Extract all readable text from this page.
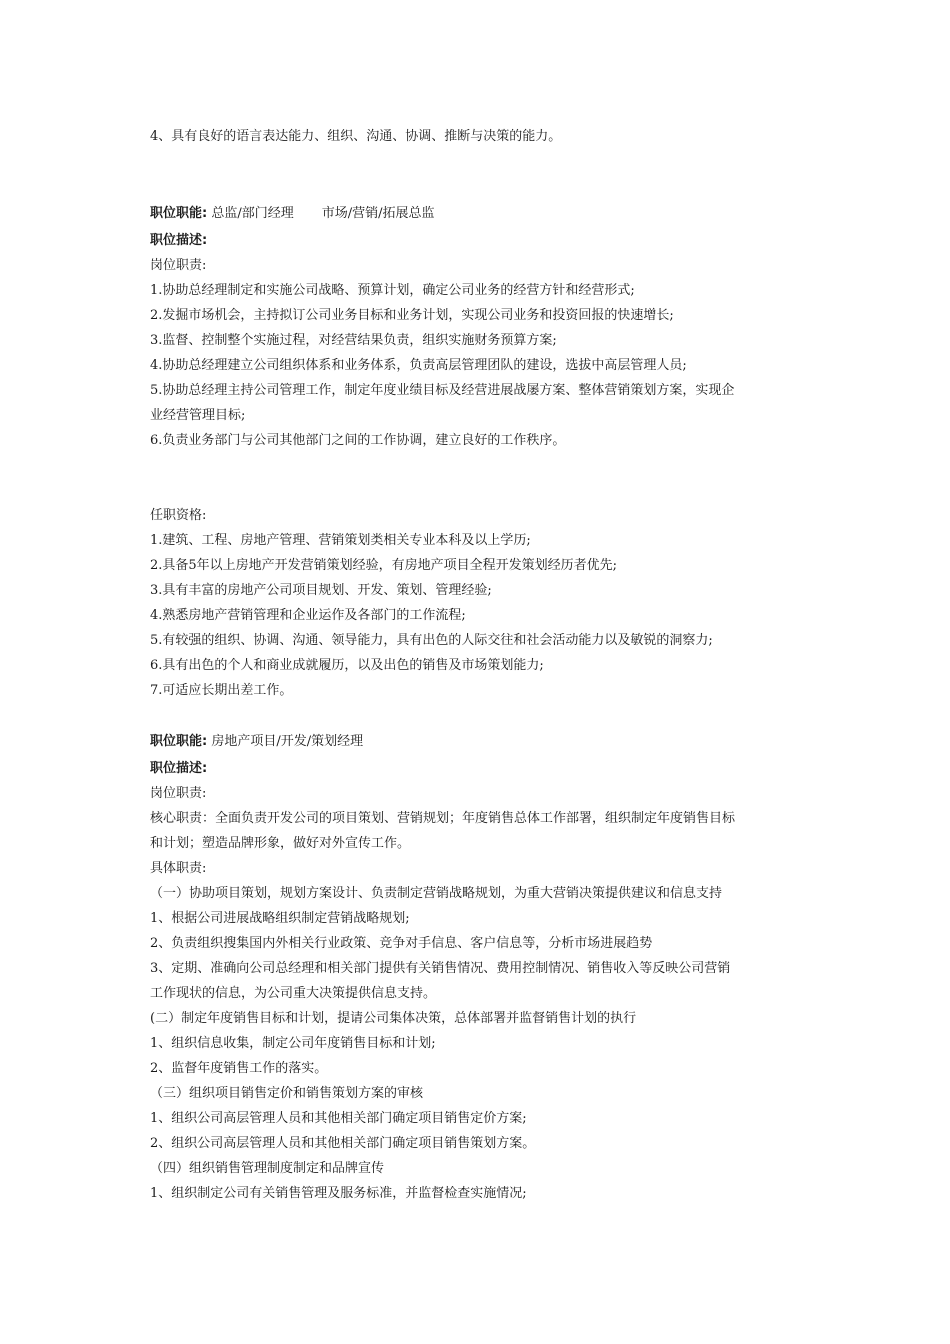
4、具有良好的语言表达能力、组织、沟通、协调、推断与决策的能力。
职位职能: 总监/部门经理 市场/营销/拓展总监
职位描述:
岗位职责:
1.协助总经理制定和实施公司战略、预算计划，确定公司业务的经营方针和经营形式;
2.发掘市场机会，主持拟订公司业务目标和业务计划，实现公司业务和投资回报的快速增长;
3.监督、控制整个实施过程，对经营结果负责，组织实施财务预算方案;
4.协助总经理建立公司组织体系和业务体系，负责高层管理团队的建设，选拔中高层管理人员;
5.协助总经理主持公司管理工作，制定年度业绩目标及经营进展战屡方案、整体营销策划方案，实现企
业经营管理目标;
6.负责业务部门与公司其他部门之间的工作协调，建立良好的工作秩序。
任职资格:
1.建筑、工程、房地产管理、营销策划类相关专业本科及以上学历;
2.具备5年以上房地产开发营销策划经验，有房地产项目全程开发策划经历者优先;
3.具有丰富的房地产公司项目规划、开发、策划、管理经验;
4.熟悉房地产营销管理和企业运作及各部门的工作流程;
5.有较强的组织、协调、沟通、领导能力，具有出色的人际交往和社会活动能力以及敏锐的洞察力;
6.具有出色的个人和商业成就履历，以及出色的销售及市场策划能力;
7.可适应长期出差工作。
职位职能: 房地产项目/开发/策划经理
职位描述:
岗位职责:
核心职责：全面负责开发公司的项目策划、营销规划；年度销售总体工作部署，组织制定年度销售目标
和计划；塑造品牌形象，做好对外宣传工作。
具体职责:
（一）协助项目策划，规划方案设计、负责制定营销战略规划，为重大营销决策提供建议和信息支持
1、根据公司进展战略组织制定营销战略规划;
2、负责组织搜集国内外相关行业政策、竞争对手信息、客户信息等，分析市场进展趋势
3、定期、准确向公司总经理和相关部门提供有关销售情况、费用控制情况、销售收入等反映公司营销
工作现状的信息，为公司重大决策提供信息支持。
(二）制定年度销售目标和计划，提请公司集体决策，总体部署并监督销售计划的执行
1、组织信息收集，制定公司年度销售目标和计划;
2、监督年度销售工作的落实。
（三）组织项目销售定价和销售策划方案的审核
1、组织公司高层管理人员和其他相关部门确定项目销售定价方案;
2、组织公司高层管理人员和其他相关部门确定项目销售策划方案。
（四）组织销售管理制度制定和品牌宣传
1、组织制定公司有关销售管理及服务标准，并监督检查实施情况;
